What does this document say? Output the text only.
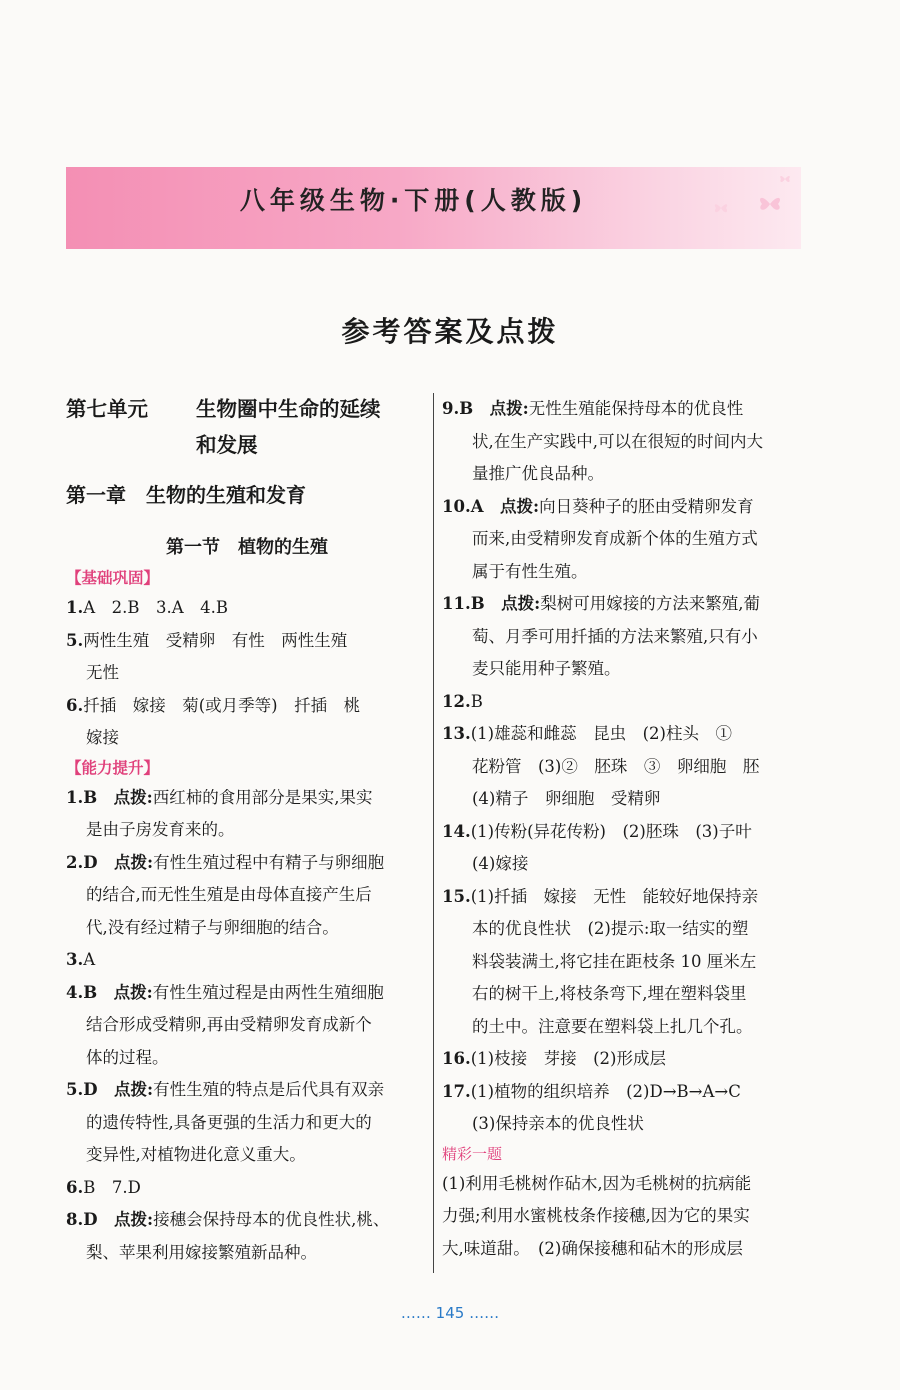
八年级生物·下册(人教版)
参考答案及点拨
第七单元 生物圈中生命的延续
和发展
第一章　生物的生殖和发育
第一节　植物的生殖
【基础巩固】
1.A　2.B　3.A　4.B
5.两性生殖　受精卵　有性　两性生殖
无性
6.扦插　嫁接　菊(或月季等)　扦插　桃
嫁接
【能力提升】
1.B　点拨:西红柿的食用部分是果实,果实
是由子房发育来的。
2.D　点拨:有性生殖过程中有精子与卵细胞
的结合,而无性生殖是由母体直接产生后
代,没有经过精子与卵细胞的结合。
3.A
4.B　点拨:有性生殖过程是由两性生殖细胞
结合形成受精卵,再由受精卵发育成新个
体的过程。
5.D　点拨:有性生殖的特点是后代具有双亲
的遗传特性,具备更强的生活力和更大的
变异性,对植物进化意义重大。
6.B　7.D
8.D　点拨:接穗会保持母本的优良性状,桃、
梨、苹果利用嫁接繁殖新品种。
9.B　点拨:无性生殖能保持母本的优良性
状,在生产实践中,可以在很短的时间内大
量推广优良品种。
10.A　点拨:向日葵种子的胚由受精卵发育
而来,由受精卵发育成新个体的生殖方式
属于有性生殖。
11.B　点拨:梨树可用嫁接的方法来繁殖,葡
萄、月季可用扦插的方法来繁殖,只有小
麦只能用种子繁殖。
12.B
13.(1)雄蕊和雌蕊　昆虫　(2)柱头　①
花粉管　(3)②　胚珠　③　卵细胞　胚
(4)精子　卵细胞　受精卵
14.(1)传粉(异花传粉)　(2)胚珠　(3)子叶
(4)嫁接
15.(1)扦插　嫁接　无性　能较好地保持亲
本的优良性状　(2)提示:取一结实的塑
料袋装满土,将它挂在距枝条 10 厘米左
右的树干上,将枝条弯下,埋在塑料袋里
的土中。注意要在塑料袋上扎几个孔。
16.(1)枝接　芽接　(2)形成层
17.(1)植物的组织培养　(2)D→B→A→C
(3)保持亲本的优良性状
精彩一题
(1)利用毛桃树作砧木,因为毛桃树的抗病能
力强;利用水蜜桃枝条作接穗,因为它的果实
大,味道甜。　(2)确保接穗和砧木的形成层
…… 145 ……
